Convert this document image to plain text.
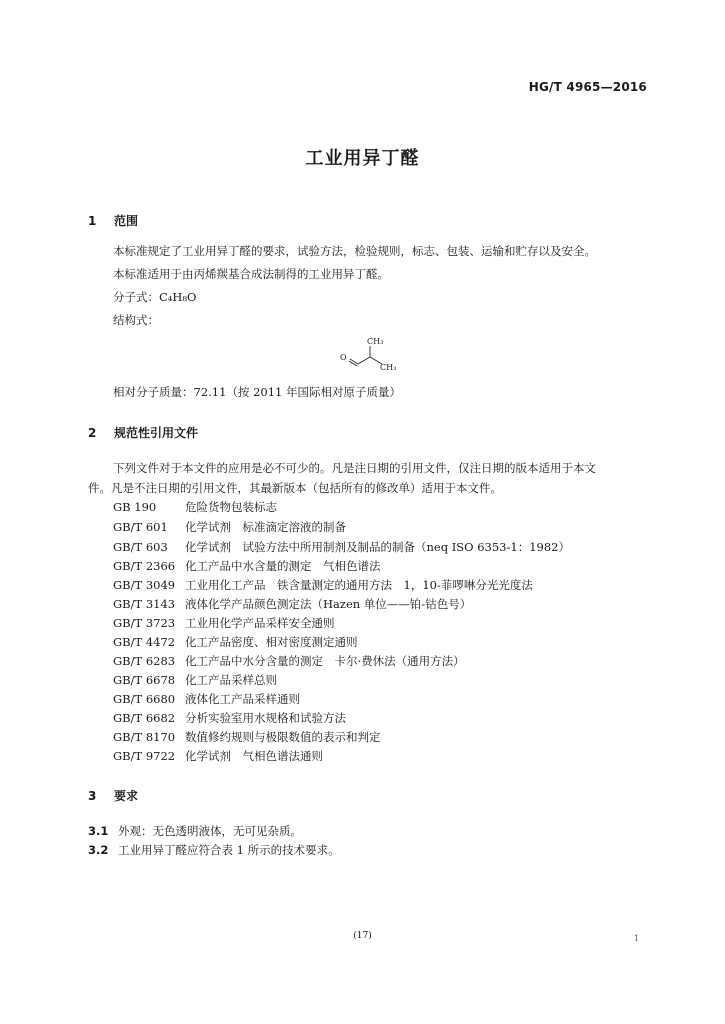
HG/T 4965—2016
工业用异丁醛
1 范围
本标准规定了工业用异丁醛的要求，试验方法，检验规则，标志、包装、运输和贮存以及安全。
本标准适用于由丙烯羰基合成法制得的工业用异丁醛。
分子式：C₄H₈O
结构式：
CH₃
O
CH₃
相对分子质量：72.11（按 2011 年国际相对原子质量）
2 规范性引用文件
下列文件对于本文件的应用是必不可少的。凡是注日期的引用文件，仅注日期的版本适用于本文
件。凡是不注日期的引用文件，其最新版本（包括所有的修改单）适用于本文件。
GB 190	危险货物包装标志
GB/T 601 化学试剂　标准滴定溶液的制备
GB/T 603 化学试剂　试验方法中所用制剂及制品的制备（neq ISO 6353-1：1982）
GB/T 2366 化工产品中水含量的测定　气相色谱法
GB/T 3049 工业用化工产品　铁含量测定的通用方法　1，10-菲啰啉分光光度法
GB/T 3143 液体化学产品颜色测定法（Hazen 单位——铂-钴色号）
GB/T 3723 工业用化学产品采样安全通则
GB/T 4472 化工产品密度、相对密度测定通则
GB/T 6283 化工产品中水分含量的测定　卡尔·费休法（通用方法）
GB/T 6678 化工产品采样总则
GB/T 6680 液体化工产品采样通则
GB/T 6682 分析实验室用水规格和试验方法
GB/T 8170 数值修约规则与极限数值的表示和判定
GB/T 9722 化学试剂　气相色谱法通则
3 要求
3.1 外观：无色透明液体，无可见杂质。
3.2 工业用异丁醛应符合表 1 所示的技术要求。
(17)	1
